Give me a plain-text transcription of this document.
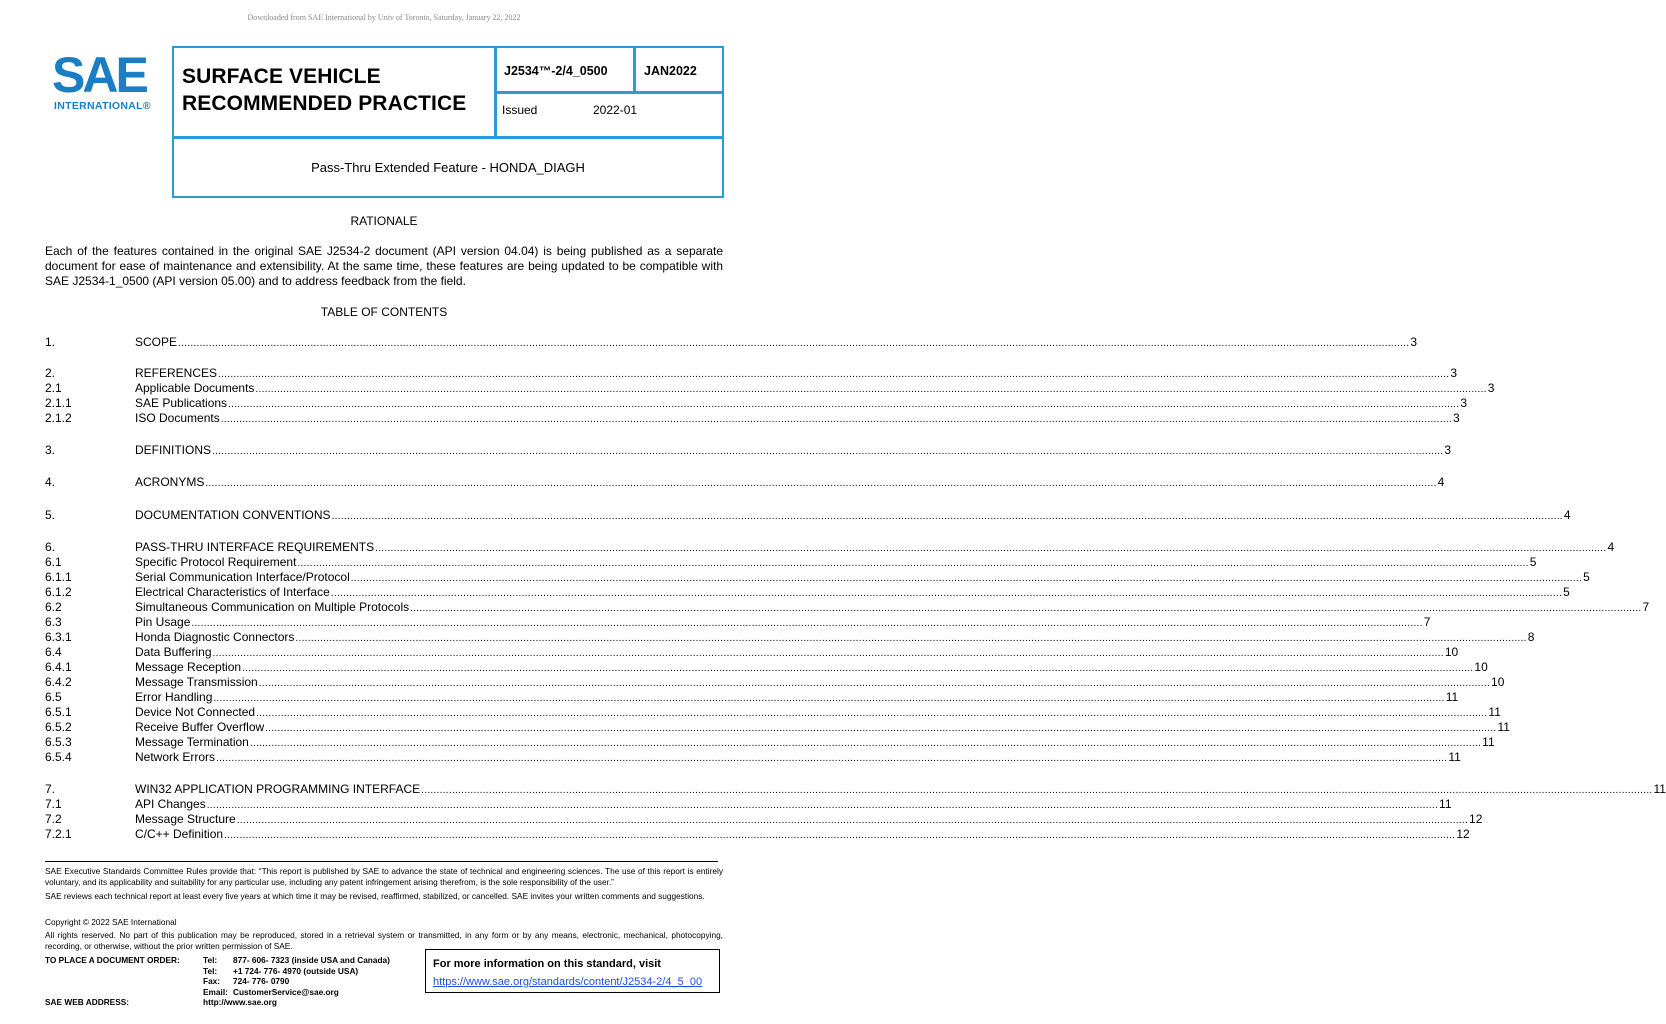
Downloaded from SAE International by Univ of Toronto, Saturday, January 22, 2022
SAE
INTERNATIONAL®
SURFACE VEHICLE
RECOMMENDED PRACTICE
J2534™-2/4_0500	JAN2022
Issued	2022-01
Pass-Thru Extended Feature - HONDA_DIAGH
RATIONALE
Each of the features contained in the original SAE J2534-2 document (API version 04.04) is being published as a separate document for ease of maintenance and extensibility. At the same time, these features are being updated to be compatible with SAE J2534-1_0500 (API version 05.00) and to address feedback from the field.
TABLE OF CONTENTS
1.	SCOPE ................................................................................................................................................................................................................................................................................................................................................................................................................ 3
2.	REFERENCES ................................................................................................................................................................................................................................................................................................................................................................................................................ 3
2.1	Applicable Documents ................................................................................................................................................................................................................................................................................................................................................................................................................ 3
2.1.1	SAE Publications ................................................................................................................................................................................................................................................................................................................................................................................................................ 3
2.1.2	ISO Documents ................................................................................................................................................................................................................................................................................................................................................................................................................ 3
3.	DEFINITIONS ................................................................................................................................................................................................................................................................................................................................................................................................................ 3
4.	ACRONYMS ................................................................................................................................................................................................................................................................................................................................................................................................................ 4
5.	DOCUMENTATION CONVENTIONS ................................................................................................................................................................................................................................................................................................................................................................................................................ 4
6.	PASS-THRU INTERFACE REQUIREMENTS ................................................................................................................................................................................................................................................................................................................................................................................................................ 4
6.1	Specific Protocol Requirement ................................................................................................................................................................................................................................................................................................................................................................................................................ 5
6.1.1	Serial Communication Interface/Protocol ................................................................................................................................................................................................................................................................................................................................................................................................................ 5
6.1.2	Electrical Characteristics of Interface ................................................................................................................................................................................................................................................................................................................................................................................................................ 5
6.2	Simultaneous Communication on Multiple Protocols ................................................................................................................................................................................................................................................................................................................................................................................................................ 7
6.3	Pin Usage ................................................................................................................................................................................................................................................................................................................................................................................................................ 7
6.3.1	Honda Diagnostic Connectors ................................................................................................................................................................................................................................................................................................................................................................................................................ 8
6.4	Data Buffering ................................................................................................................................................................................................................................................................................................................................................................................................................ 10
6.4.1	Message Reception ................................................................................................................................................................................................................................................................................................................................................................................................................ 10
6.4.2	Message Transmission ................................................................................................................................................................................................................................................................................................................................................................................................................ 10
6.5	Error Handling ................................................................................................................................................................................................................................................................................................................................................................................................................ 11
6.5.1	Device Not Connected ................................................................................................................................................................................................................................................................................................................................................................................................................ 11
6.5.2	Receive Buffer Overflow ................................................................................................................................................................................................................................................................................................................................................................................................................ 11
6.5.3	Message Termination ................................................................................................................................................................................................................................................................................................................................................................................................................ 11
6.5.4	Network Errors ................................................................................................................................................................................................................................................................................................................................................................................................................ 11
7.	WIN32 APPLICATION PROGRAMMING INTERFACE ................................................................................................................................................................................................................................................................................................................................................................................................................ 11
7.1	API Changes ................................................................................................................................................................................................................................................................................................................................................................................................................ 11
7.2	Message Structure ................................................................................................................................................................................................................................................................................................................................................................................................................ 12
7.2.1	C/C++ Definition ................................................................................................................................................................................................................................................................................................................................................................................................................ 12
SAE Executive Standards Committee Rules provide that: “This report is published by SAE to advance the state of technical and engineering sciences. The use of this report is entirely voluntary, and its applicability and suitability for any particular use, including any patent infringement arising therefrom, is the sole responsibility of the user.”
SAE reviews each technical report at least every five years at which time it may be revised, reaffirmed, stabilized, or cancelled. SAE invites your written comments and suggestions.
Copyright © 2022 SAE International
All rights reserved. No part of this publication may be reproduced, stored in a retrieval system or transmitted, in any form or by any means, electronic, mechanical, photocopying, recording, or otherwise, without the prior written permission of SAE.
TO PLACE A DOCUMENT ORDER:
SAE WEB ADDRESS:
Tel: 877- 606- 7323 (inside USA and Canada)
Tel: +1 724- 776- 4970 (outside USA)
Fax: 724- 776- 0790
Email: CustomerService@sae.org
http://www.sae.org
For more information on this standard, visit
https://www.sae.org/standards/content/J2534-2/4_5_00
